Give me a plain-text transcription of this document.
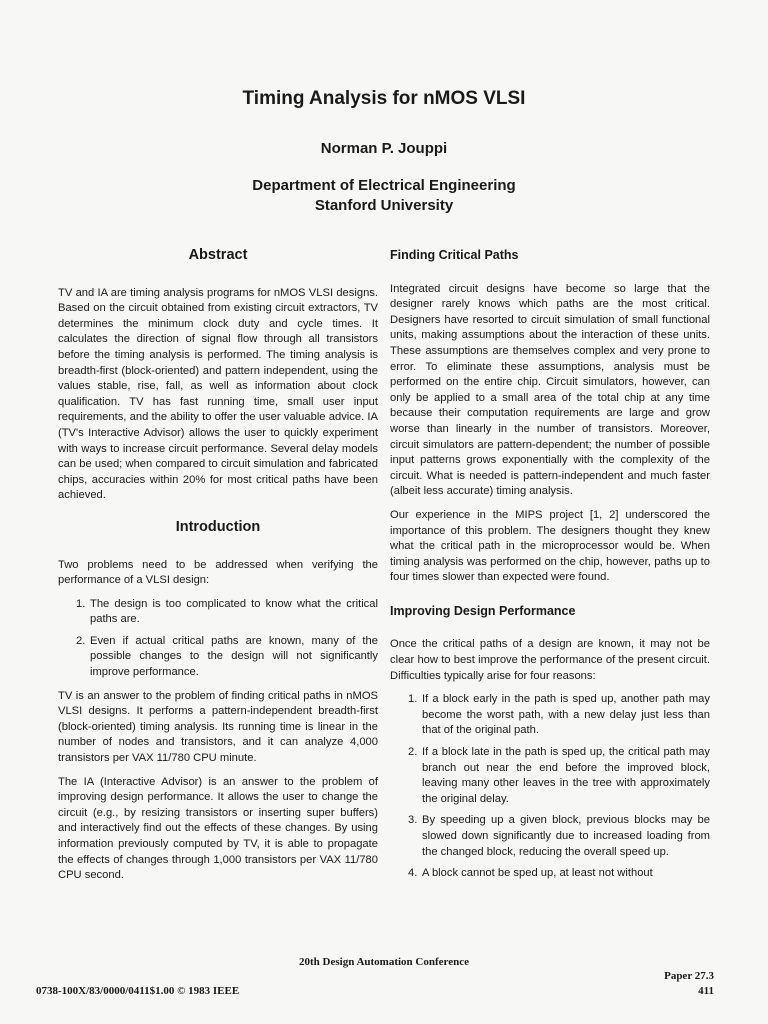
Timing Analysis for nMOS VLSI
Norman P. Jouppi
Department of Electrical Engineering
Stanford University
Abstract

TV and IA are timing analysis programs for nMOS VLSI designs. Based on the circuit obtained from existing circuit extractors, TV determines the minimum clock duty and cycle times. It calculates the direction of signal flow through all transistors before the timing analysis is performed. The timing analysis is breadth-first (block-oriented) and pattern independent, using the values stable, rise, fall, as well as information about clock qualification. TV has fast running time, small user input requirements, and the ability to offer the user valuable advice. IA (TV's Interactive Advisor) allows the user to quickly experiment with ways to increase circuit performance. Several delay models can be used; when compared to circuit simulation and fabricated chips, accuracies within 20% for most critical paths have been achieved.

Introduction

Two problems need to be addressed when verifying the performance of a VLSI design:

1. The design is too complicated to know what the critical paths are.
2. Even if actual critical paths are known, many of the possible changes to the design will not significantly improve performance.

TV is an answer to the problem of finding critical paths in nMOS VLSI designs. It performs a pattern-independent breadth-first (block-oriented) timing analysis. Its running time is linear in the number of nodes and transistors, and it can analyze 4,000 transistors per VAX 11/780 CPU minute.

The IA (Interactive Advisor) is an answer to the problem of improving design performance. It allows the user to change the circuit (e.g., by resizing transistors or inserting super buffers) and interactively find out the effects of these changes. By using information previously computed by TV, it is able to propagate the effects of changes through 1,000 transistors per VAX 11/780 CPU second.

Finding Critical Paths

Integrated circuit designs have become so large that the designer rarely knows which paths are the most critical. Designers have resorted to circuit simulation of small functional units, making assumptions about the interaction of these units. These assumptions are themselves complex and very prone to error. To eliminate these assumptions, analysis must be performed on the entire chip. Circuit simulators, however, can only be applied to a small area of the total chip at any time because their computation requirements are large and grow worse than linearly in the number of transistors. Moreover, circuit simulators are pattern-dependent; the number of possible input patterns grows exponentially with the complexity of the circuit. What is needed is pattern-independent and much faster (albeit less accurate) timing analysis.

Our experience in the MIPS project [1, 2] underscored the importance of this problem. The designers thought they knew what the critical path in the microprocessor would be. When timing analysis was performed on the chip, however, paths up to four times slower than expected were found.

Improving Design Performance

Once the critical paths of a design are known, it may not be clear how to best improve the performance of the present circuit. Difficulties typically arise for four reasons:

1. If a block early in the path is sped up, another path may become the worst path, with a new delay just less than that of the original path.
2. If a block late in the path is sped up, the critical path may branch out near the end before the improved block, leaving many other leaves in the tree with approximately the original delay.
3. By speeding up a given block, previous blocks may be slowed down significantly due to increased loading from the changed block, reducing the overall speed up.
4. A block cannot be sped up, at least not without
20th Design Automation Conference
0738-100X/83/0000/0411$1.00 © 1983 IEEE
Paper 27.3
411
